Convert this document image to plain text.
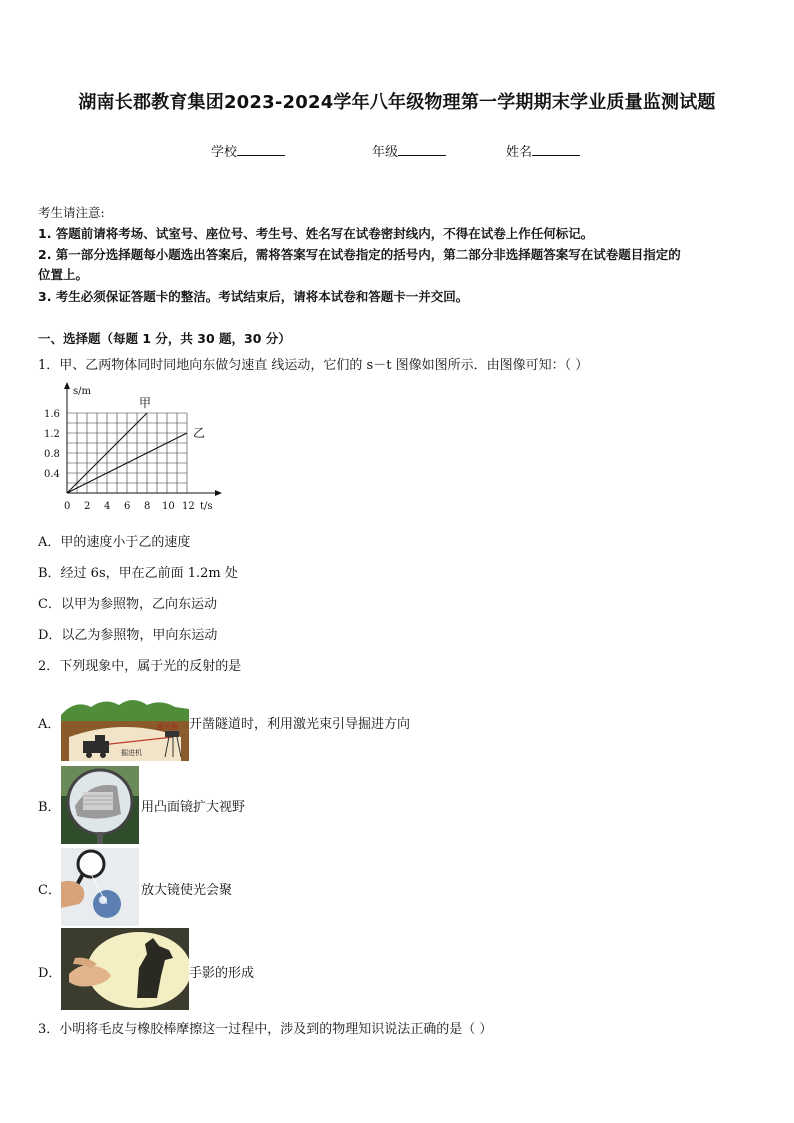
湖南长郡教育集团2023-2024学年八年级物理第一学期期末学业质量监测试题
学校	年级	姓名
考生请注意:
1. 答题前请将考场、试室号、座位号、考生号、姓名写在试卷密封线内，不得在试卷上作任何标记。
2. 第一部分选择题每小题选出答案后，需将答案写在试卷指定的括号内，第二部分非选择题答案写在试卷题目指定的
位置上。
3. 考生必须保证答题卡的整洁。考试结束后，请将本试卷和答题卡一并交回。
一、选择题（每题 1 分，共 30 题，30 分）
1．甲、乙两物体同时同地向东做匀速直 线运动，它们的 s－t 图像如图所示．由图像可知：（ ）
0 2 4 6 8 10 12
0.4
0.8
1.2
1.6
t/s
s/m
甲
乙
A．甲的速度小于乙的速度
B．经过 6s，甲在乙前面 1.2m 处
C．以甲为参照物，乙向东运动
D．以乙为参照物，甲向东运动
2．下列现象中，属于光的反射的是
A．	激光器
掘进机
开凿隧道时，利用激光束引导掘进方向
B．	用凸面镜扩大视野
C．	放大镜使光会聚
D．	手影的形成
3．小明将毛皮与橡胶棒摩擦这一过程中，涉及到的物理知识说法正确的是（ ）
